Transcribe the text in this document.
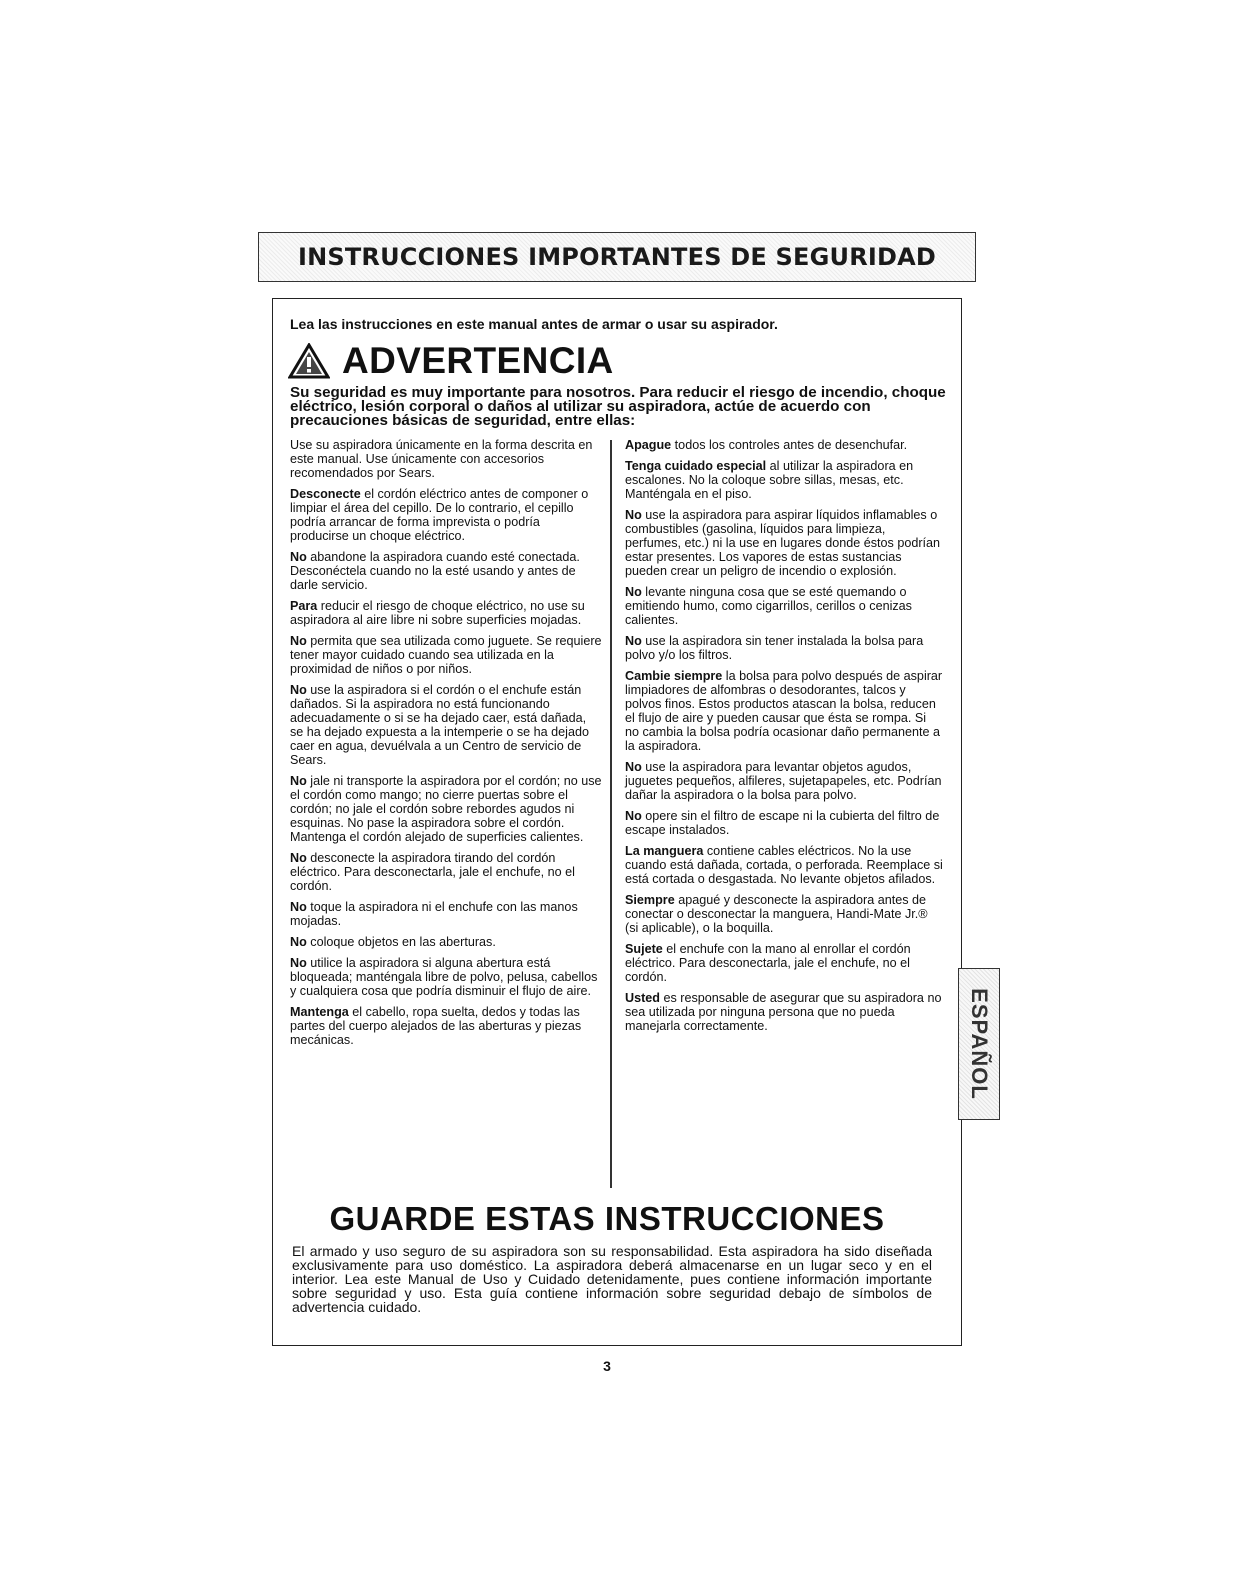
INSTRUCCIONES IMPORTANTES DE SEGURIDAD
Lea las instrucciones en este manual antes de armar o usar su aspirador.
ADVERTENCIA

Su seguridad es muy importante para nosotros. Para reducir el riesgo de incendio, choque eléctrico, lesión corporal o daños al utilizar su aspiradora, actúe de acuerdo con precauciones básicas de seguridad, entre ellas:

Use su aspiradora únicamente en la forma descrita en este manual. Use únicamente con accesorios recomendados por Sears.

Desconecte el cordón eléctrico antes de componer o limpiar el área del cepillo. De lo contrario, el cepillo podría arrancar de forma imprevista o podría producirse un choque eléctrico.

No abandone la aspiradora cuando esté conectada. Desconéctela cuando no la esté usando y antes de darle servicio.

Para reducir el riesgo de choque eléctrico, no use su aspiradora al aire libre ni sobre superficies mojadas.

No permita que sea utilizada como juguete. Se requiere tener mayor cuidado cuando sea utilizada en la proximidad de niños o por niños.

No use la aspiradora si el cordón o el enchufe están dañados. Si la aspiradora no está funcionando adecuadamente o si se ha dejado caer, está dañada, se ha dejado expuesta a la intemperie o se ha dejado caer en agua, devuélvala a un Centro de servicio de Sears.

No jale ni transporte la aspiradora por el cordón; no use el cordón como mango; no cierre puertas sobre el cordón; no jale el cordón sobre rebordes agudos ni esquinas. No pase la aspiradora sobre el cordón. Mantenga el cordón alejado de superficies calientes.

No desconecte la aspiradora tirando del cordón eléctrico. Para desconectarla, jale el enchufe, no el cordón.

No toque la aspiradora ni el enchufe con las manos mojadas.

No coloque objetos en las aberturas.

No utilice la aspiradora si alguna abertura está bloqueada; manténgala libre de polvo, pelusa, cabellos y cualquiera cosa que podría disminuir el flujo de aire.

Mantenga el cabello, ropa suelta, dedos y todas las partes del cuerpo alejados de las aberturas y piezas mecánicas.

Apague todos los controles antes de desenchufar.

Tenga cuidado especial al utilizar la aspiradora en escalones. No la coloque sobre sillas, mesas, etc. Manténgala en el piso.

No use la aspiradora para aspirar líquidos inflamables o combustibles (gasolina, líquidos para limpieza, perfumes, etc.) ni la use en lugares donde éstos podrían estar presentes. Los vapores de estas sustancias pueden crear un peligro de incendio o explosión.

No levante ninguna cosa que se esté quemando o emitiendo humo, como cigarrillos, cerillos o cenizas calientes.

No use la aspiradora sin tener instalada la bolsa para polvo y/o los filtros.

Cambie siempre la bolsa para polvo después de aspirar limpiadores de alfombras o desodorantes, talcos y polvos finos. Estos productos atascan la bolsa, reducen el flujo de aire y pueden causar que ésta se rompa. Si no cambia la bolsa podría ocasionar daño permanente a la aspiradora.

No use la aspiradora para levantar objetos agudos, juguetes pequeños, alfileres, sujetapapeles, etc. Podrían dañar la aspiradora o la bolsa para polvo.

No opere sin el filtro de escape ni la cubierta del filtro de escape instalados.

La manguera contiene cables eléctricos. No la use cuando está dañada, cortada, o perforada. Reemplace si está cortada o desgastada. No levante objetos afilados.

Siempre apagué y desconecte la aspiradora antes de conectar o desconectar la manguera, Handi-Mate Jr.® (si aplicable), o la boquilla.

Sujete el enchufe con la mano al enrollar el cordón eléctrico. Para desconectarla, jale el enchufe, no el cordón.

Usted es responsable de asegurar que su aspiradora no sea utilizada por ninguna persona que no pueda manejarla correctamente.

GUARDE ESTAS INSTRUCCIONES

El armado y uso seguro de su aspiradora son su responsabilidad. Esta aspiradora ha sido diseñada exclusivamente para uso doméstico. La aspiradora deberá almacenarse en un lugar seco y en el interior. Lea este Manual de Uso y Cuidado detenidamente, pues contiene información importante sobre seguridad y uso. Esta guía contiene información sobre seguridad debajo de símbolos de advertencia cuidado.

3
ESPAÑOL
